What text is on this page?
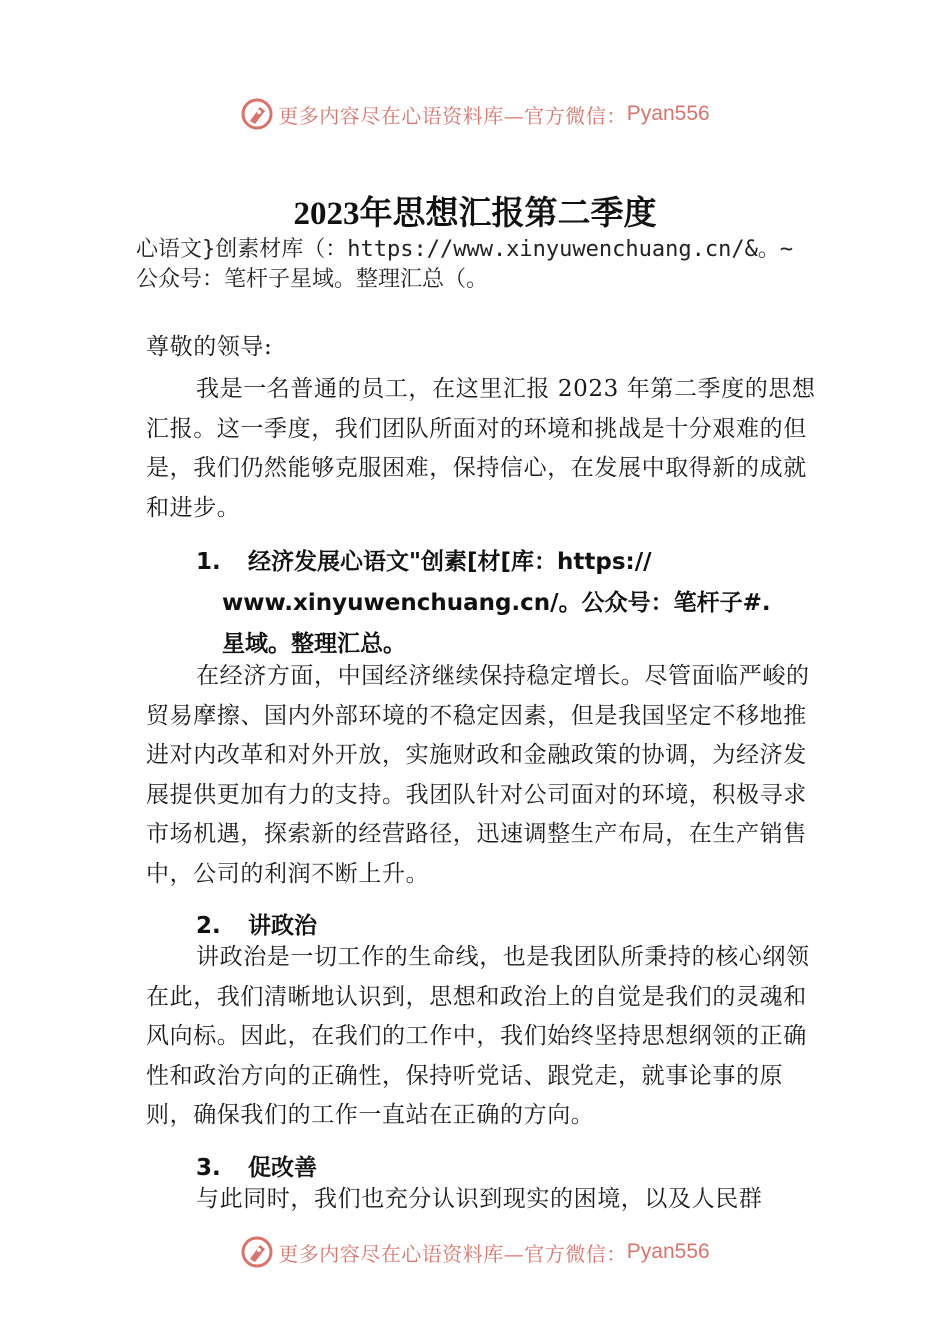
更多内容尽在心语资料库—官方微信： Pyan556
2023年思想汇报第二季度
心语文}创素材库（：https://www.xinyuwenchuang.cn/&。~
公众号：笔杆子星域。整理汇总（。
尊敬的领导:
我是一名普通的员工，在这里汇报 2023 年第二季度的思想汇报。这一季度，我们团队所面对的环境和挑战是十分艰难的但是，我们仍然能够克服困难，保持信心，在发展中取得新的成就和进步。
1. 经济发展心语文"创素[材[库：https://
www.xinyuwenchuang.cn/。公众号：笔杆子#.
星域。整理汇总。
在经济方面，中国经济继续保持稳定增长。尽管面临严峻的贸易摩擦、国内外部环境的不稳定因素，但是我国坚定不移地推进对内改革和对外开放，实施财政和金融政策的协调，为经济发展提供更加有力的支持。我团队针对公司面对的环境，积极寻求市场机遇，探索新的经营路径，迅速调整生产布局，在生产销售中，公司的利润不断上升。
2. 讲政治
讲政治是一切工作的生命线，也是我团队所秉持的核心纲领在此，我们清晰地认识到，思想和政治上的自觉是我们的灵魂和风向标。因此，在我们的工作中，我们始终坚持思想纲领的正确性和政治方向的正确性，保持听党话、跟党走，就事论事的原则，确保我们的工作一直站在正确的方向。
3. 促改善
与此同时，我们也充分认识到现实的困境，以及人民群
更多内容尽在心语资料库—官方微信： Pyan556
